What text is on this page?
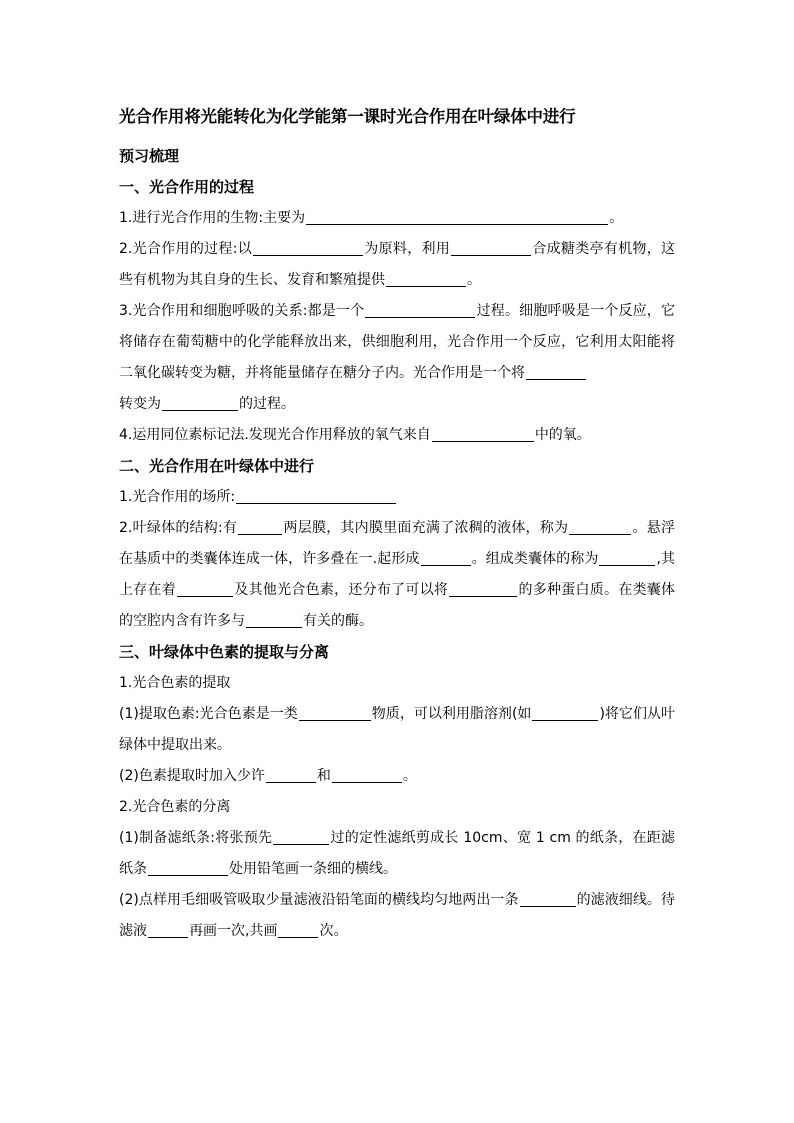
光合作用将光能转化为化学能第一课时光合作用在叶绿体中进行
预习梳理
一、光合作用的过程

1.进行光合作用的生物:主要为	。

2.光合作用的过程:以	为原料，利用	合成糖类亭有机物，这些有机物为其自身的生长、发育和繁殖提供	。

3.光合作用和细胞呼吸的关系:都是一个	过程。细胞呼吸是一个反应，它将储存在葡萄糖中的化学能释放出来，供细胞利用，光合作用一个反应，它利用太阳能将二氧化碳转变为糖，并将能量储存在糖分子内。光合作用是一个将

转变为	的过程。

4.运用同位素标记法.发现光合作用释放的氧气来自	中的氧。

二、光合作用在叶绿体中进行

1.光合作用的场所:

2.叶绿体的结构:有	两层膜，其内膜里面充满了浓稠的液体，称为	。悬浮在基质中的类囊体连成一体，许多叠在一.起形成	。组成类囊体的称为	,其上存在着	及其他光合色素，还分布了可以将	的多种蛋白质。在类囊体的空腔内含有许多与	有关的酶。

三、叶绿体中色素的提取与分离

1.光合色素的提取

(1)提取色素:光合色素是一类	物质，可以利用脂溶剂(如	)将它们从叶绿体中提取出来。

(2)色素提取时加入少许	和	。

2.光合色素的分离

(1)制备滤纸条:将张预先	过的定性滤纸剪成长 10cm、宽 1 cm 的纸条，在距滤纸条	处用铅笔画一条细的横线。

(2)点样用毛细吸管吸取少量滤液沿铅笔面的横线均匀地两出一条	的滤液细线。待滤液	再画一次,共画	次。
